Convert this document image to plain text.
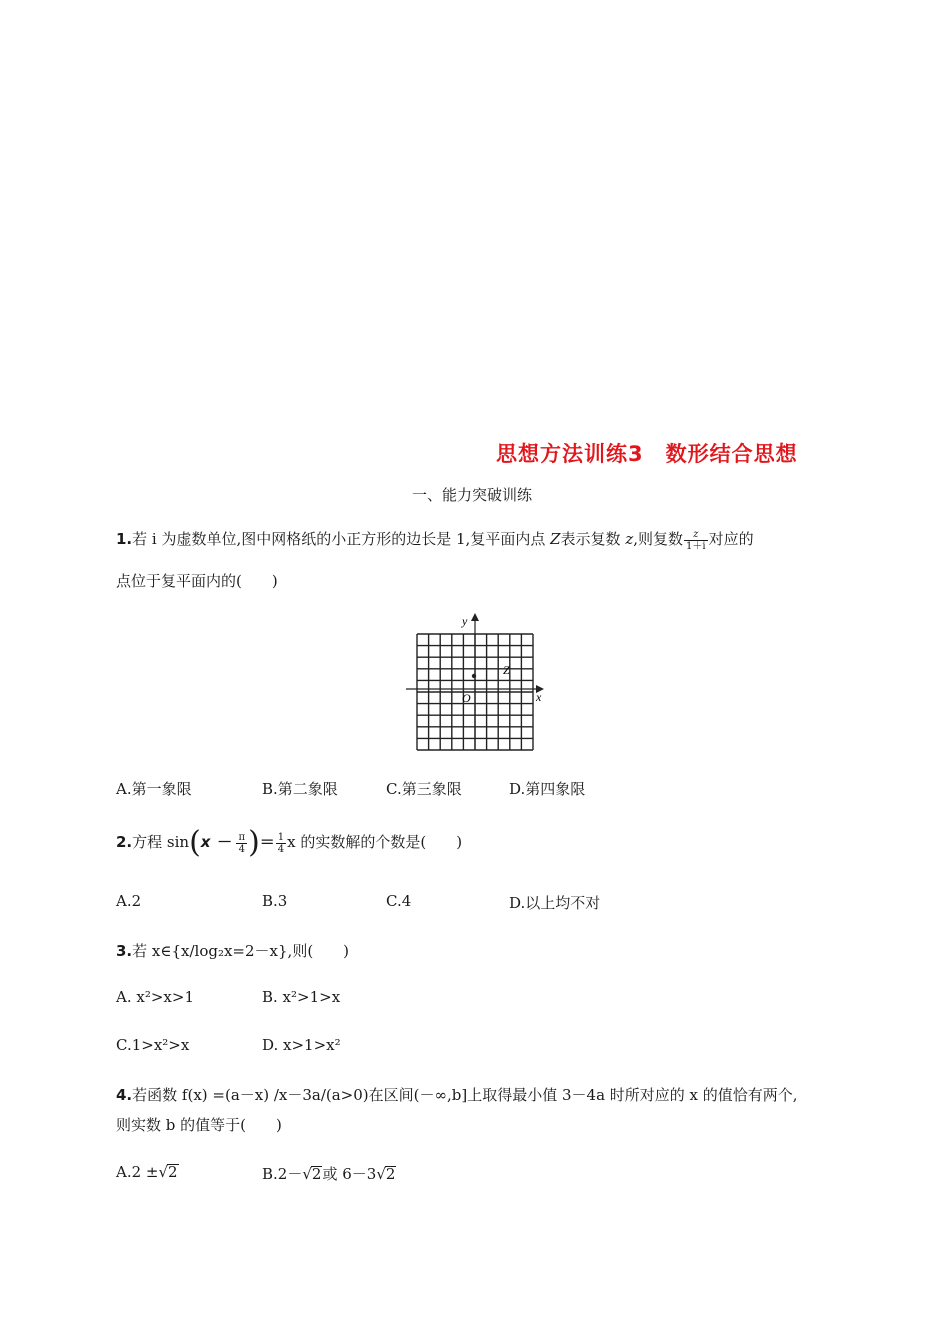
思想方法训练3　数形结合思想
一、能力突破训练
1.若 i 为虚数单位,图中网格纸的小正方形的边长是 1,复平面内点 Z表示复数 z,则复数 $\frac{z}{1+i}$ 对应的
点位于复平面内的(　　)
y
x
O
Z
A.第一象限	B.第二象限	C.第三象限	D.第四象限
2.方程 $\sin(x - \frac{\pi}{4}$ )＝ $\frac{1}{4}$ x 的实数解的个数是(　　)
A.2	B.3	C.4	D.以上均不对
3.若 x∈{x/log₂x=2－x},则(　　)
A. x²>x>1	B. x²>1>x
C.1>x²>x	D. x>1>x²
4.若函数 f(x) =(a－x) /x－3a/(a>0)在区间(－∞,b]上取得最小值 3－4a 时所对应的 x 的值恰有两个,
则实数 b 的值等于(　　)
A.2 ±√2	B.2－√2或 6－3√2
